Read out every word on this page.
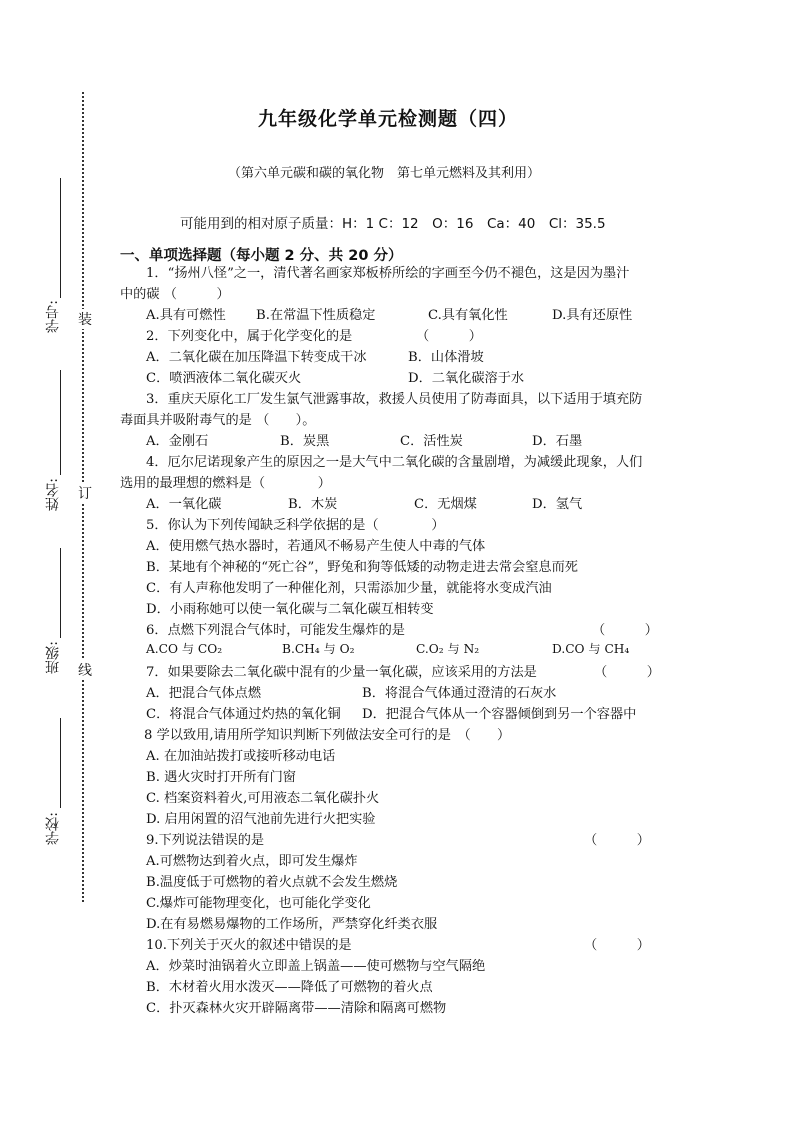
学号:
姓名:
班级:
学校:
装
订
线
九年级化学单元检测题（四）
（第六单元碳和碳的氧化物　第七单元燃料及其利用）
可能用到的相对原子质量：H：1 C：12　O：16　Ca：40　Cl：35.5
一、单项选择题（每小题 2 分、共 20 分）
1．“扬州八怪”之一，清代著名画家郑板桥所绘的字画至今仍不褪色，这是因为墨汁
中的碳 （　　　）
A.具有可燃性 B.在常温下性质稳定	C.具有氧化性	D.具有还原性
2．下列变化中，属于化学变化的是	（　　　）
A．二氧化碳在加压降温下转变成干冰	B．山体滑坡
C．喷洒液体二氧化碳灭火	D．二氧化碳溶于水
3．重庆天原化工厂发生氯气泄露事故，救援人员使用了防毒面具，以下适用于填充防
毒面具并吸附毒气的是 （　　）。
A．金刚石	B．炭黑	C．活性炭	D．石墨
4．厄尔尼诺现象产生的原因之一是大气中二氧化碳的含量剧增，为减缓此现象，人们
选用的最理想的燃料是（　　　　）
A．一氧化碳	B．木炭	C．无烟煤	D．氢气
5．你认为下列传闻缺乏科学依据的是（　　　　）
A．使用燃气热水器时，若通风不畅易产生使人中毒的气体
B．某地有个神秘的“死亡谷”，野兔和狗等低矮的动物走进去常会窒息而死
C．有人声称他发明了一种催化剂，只需添加少量，就能将水变成汽油
D．小雨称她可以使一氧化碳与二氧化碳互相转变
6．点燃下列混合气体时，可能发生爆炸的是	（　　　）
A.CO 与 CO₂	B.CH₄ 与 O₂	C.O₂ 与 N₂	D.CO 与 CH₄
7．如果要除去二氧化碳中混有的少量一氧化碳，应该采用的方法是	（　　　）
A．把混合气体点燃	B．将混合气体通过澄清的石灰水
C．将混合气体通过灼热的氧化铜 D．把混合气体从一个容器倾倒到另一个容器中
8 学以致用,请用所学知识判断下列做法安全可行的是　（　　）
A. 在加油站拨打或接听移动电话
B. 遇火灾时打开所有门窗
C. 档案资料着火,可用液态二氧化碳扑火
D. 启用闲置的沼气池前先进行火把实验
9.下列说法错误的是	（　　　）
A.可燃物达到着火点，即可发生爆炸
B.温度低于可燃物的着火点就不会发生燃烧
C.爆炸可能物理变化，也可能化学变化
D.在有易燃易爆物的工作场所，严禁穿化纤类衣服
10.下列关于灭火的叙述中错误的是	（　　　）
A．炒菜时油锅着火立即盖上锅盖——使可燃物与空气隔绝
B．木材着火用水泼灭——降低了可燃物的着火点
C．扑灭森林火灾开辟隔离带——清除和隔离可燃物
